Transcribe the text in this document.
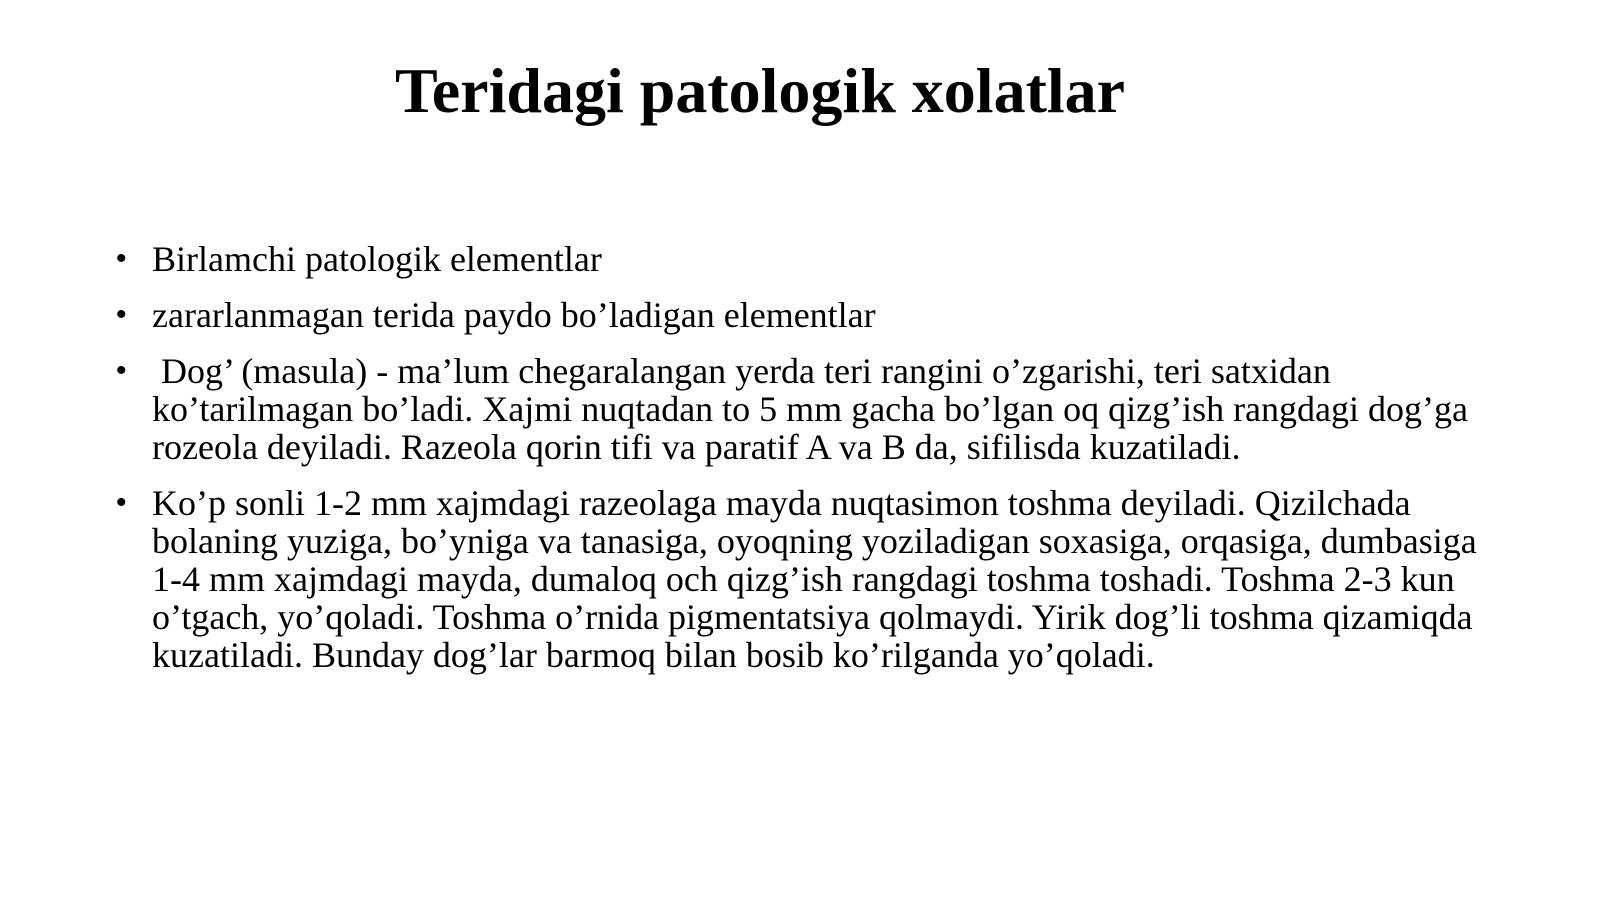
Teridagi patologik xolatlar
• Birlamchi patologik elementlar
• zararlanmagan terida paydo bo’ladigan elementlar
• Dog’ (masula) - ma’lum chegaralangan yerda teri rangini o’zgarishi, teri satxidan ko’tarilmagan bo’ladi. Xajmi nuqtadan to 5 mm gacha bo’lgan oq qizg’ish rangdagi dog’ga rozeola deyiladi. Razeola qorin tifi va paratif A va B da, sifilisda kuzatiladi.
• Ko’p sonli 1-2 mm xajmdagi razeolaga mayda nuqtasimon toshma deyiladi. Qizilchada bolaning yuziga, bo’yniga va tanasiga, oyoqning yoziladigan soxasiga, orqasiga, dumbasiga 1-4 mm xajmdagi mayda, dumaloq och qizg’ish rangdagi toshma toshadi. Toshma 2-3 kun o’tgach, yo’qoladi. Toshma o’rnida pigmentatsiya qolmaydi. Yirik dog’li toshma qizamiqda kuzatiladi. Bunday dog’lar barmoq bilan bosib ko’rilganda yo’qoladi.
